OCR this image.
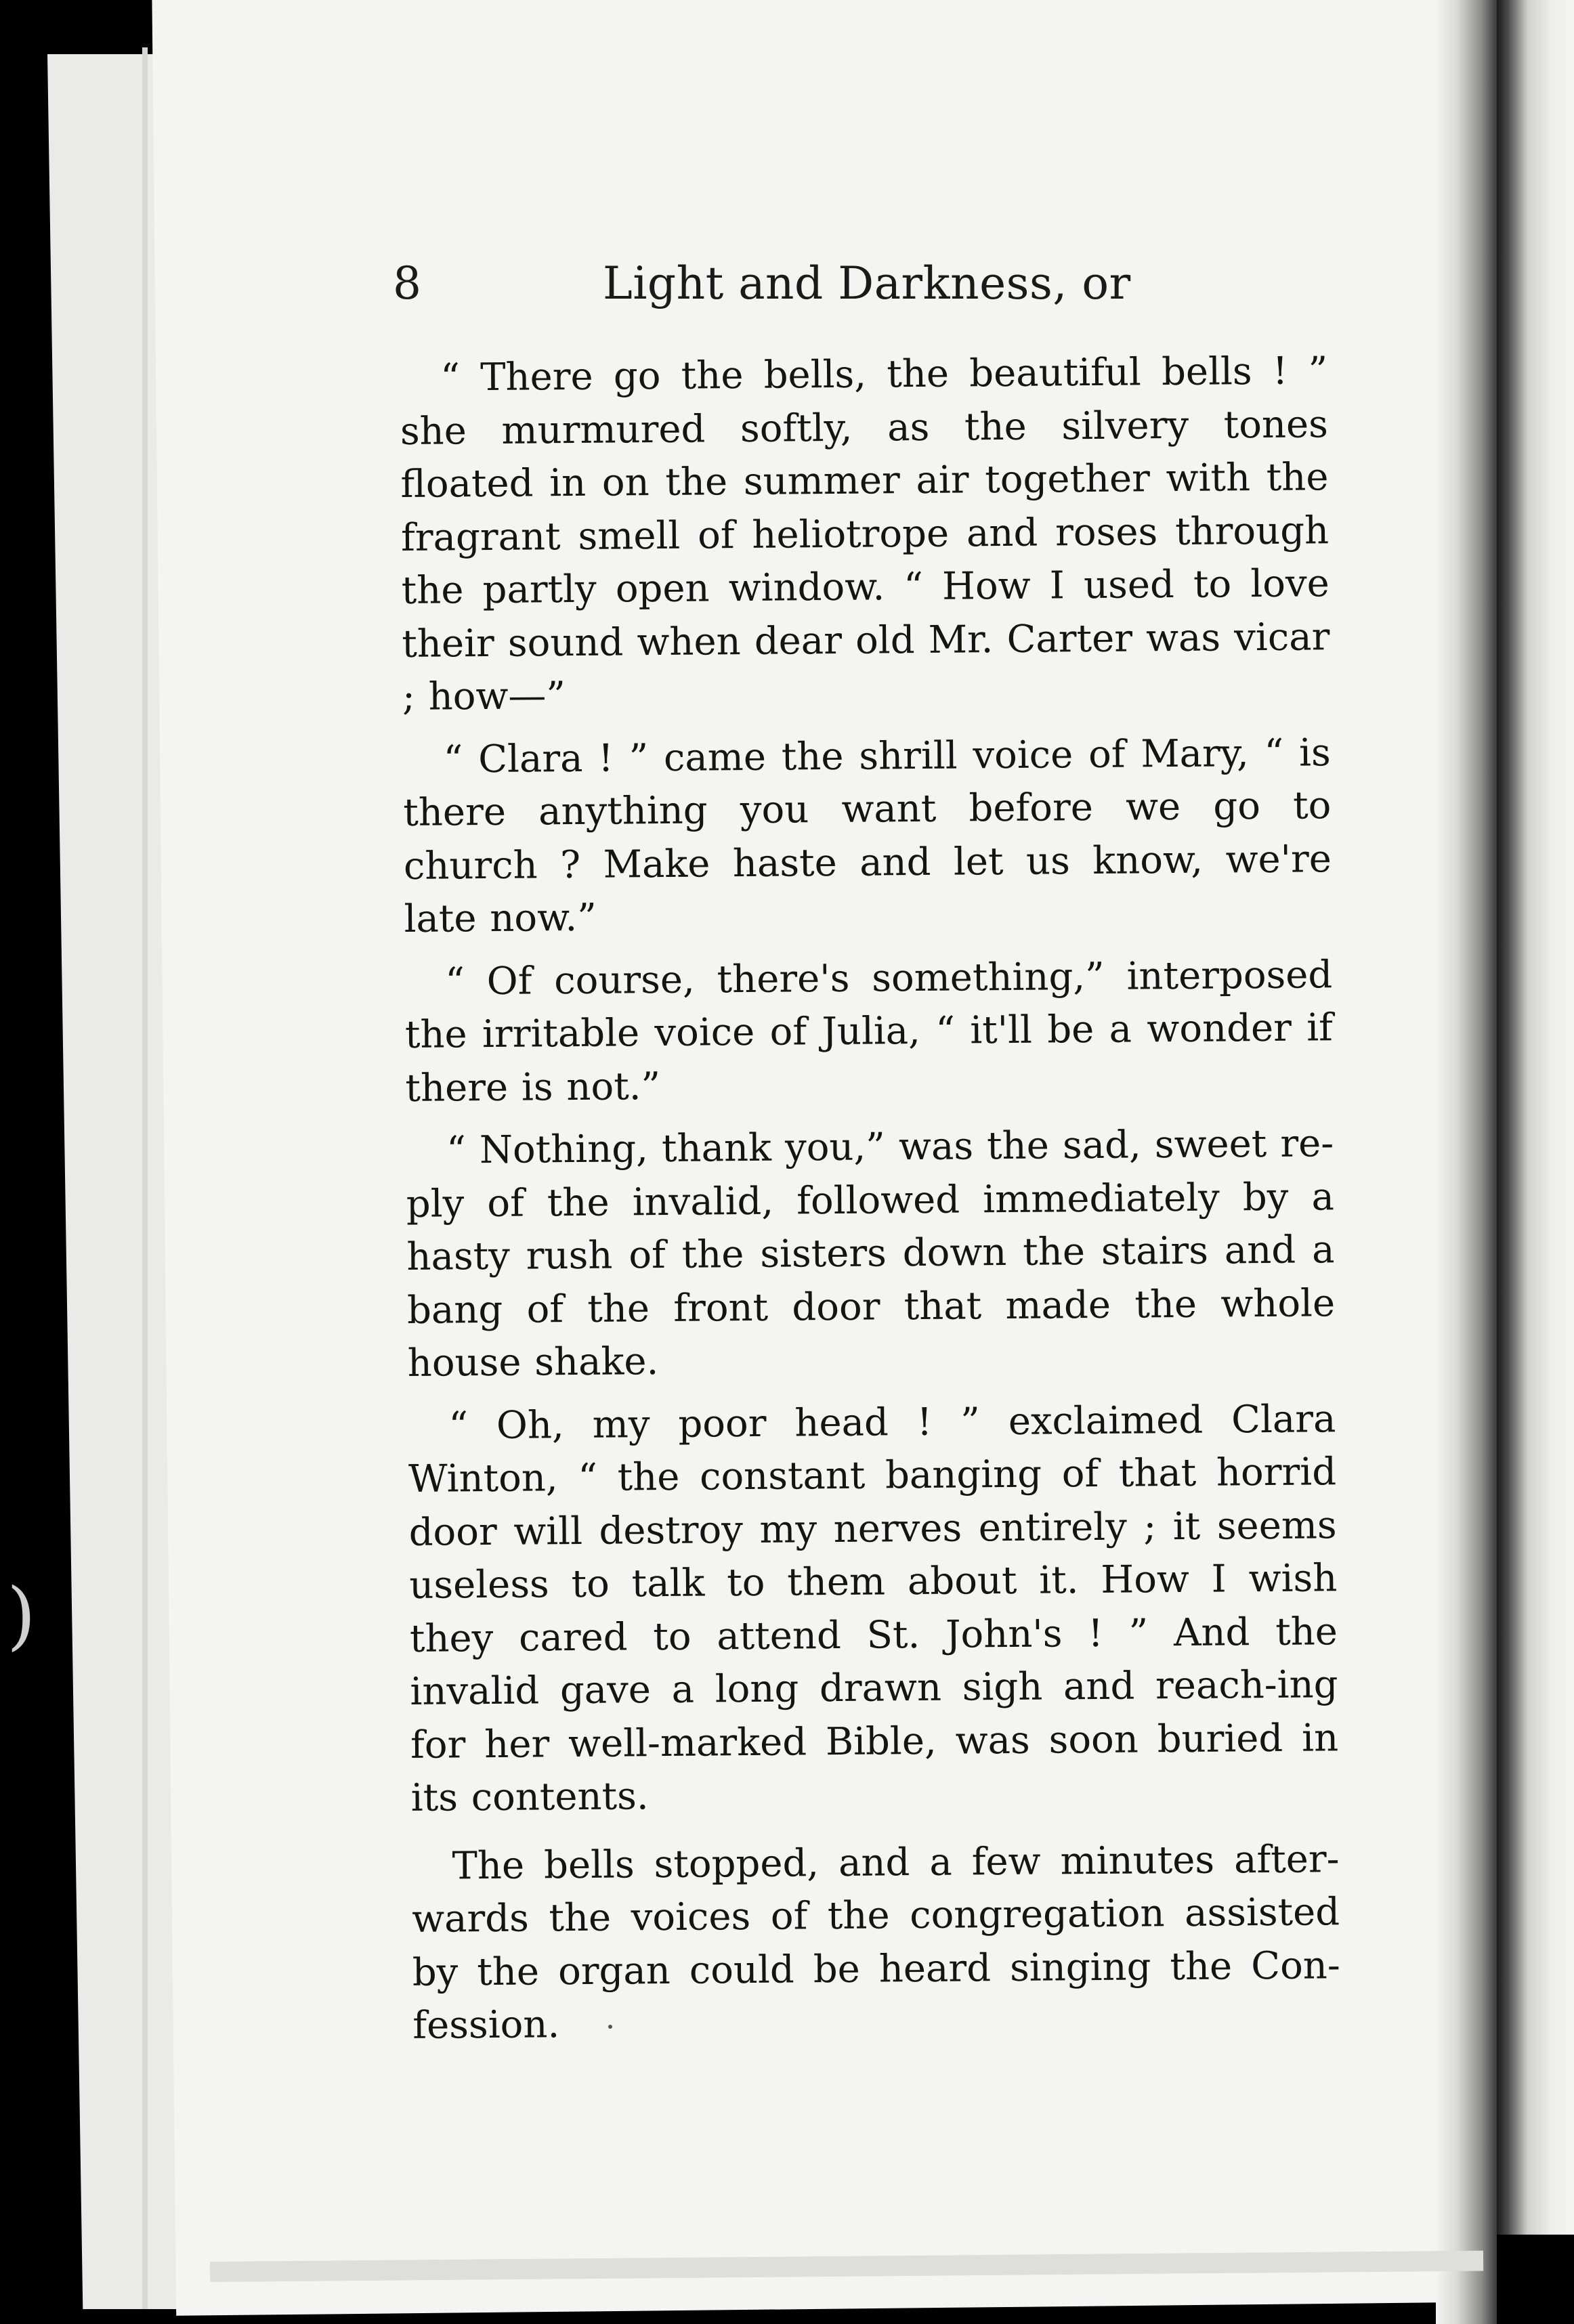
)
8	Light and Darkness, or

“ There go the bells, the beautiful bells ! ” she murmured softly, as the silvery tones floated in on the summer air together with the fragrant smell of heliotrope and roses through the partly open window. “ How I used to love their sound when dear old Mr. Carter was vicar ; how—”

“ Clara ! ” came the shrill voice of Mary, “ is there anything you want before we go to church ? Make haste and let us know, we're late now.”

“ Of course, there's something,” interposed the irritable voice of Julia, “ it'll be a wonder if there is not.”

“ Nothing, thank you,” was the sad, sweet re-ply of the invalid, followed immediately by a hasty rush of the sisters down the stairs and a bang of the front door that made the whole house shake.

“ Oh, my poor head ! ” exclaimed Clara Winton, “ the constant banging of that horrid door will destroy my nerves entirely ; it seems useless to talk to them about it. How I wish they cared to attend St. John's ! ” And the invalid gave a long drawn sigh and reach-ing for her well-marked Bible, was soon buried in its contents.

The bells stopped, and a few minutes after-wards the voices of the congregation assisted by the organ could be heard singing the Con-fession.
